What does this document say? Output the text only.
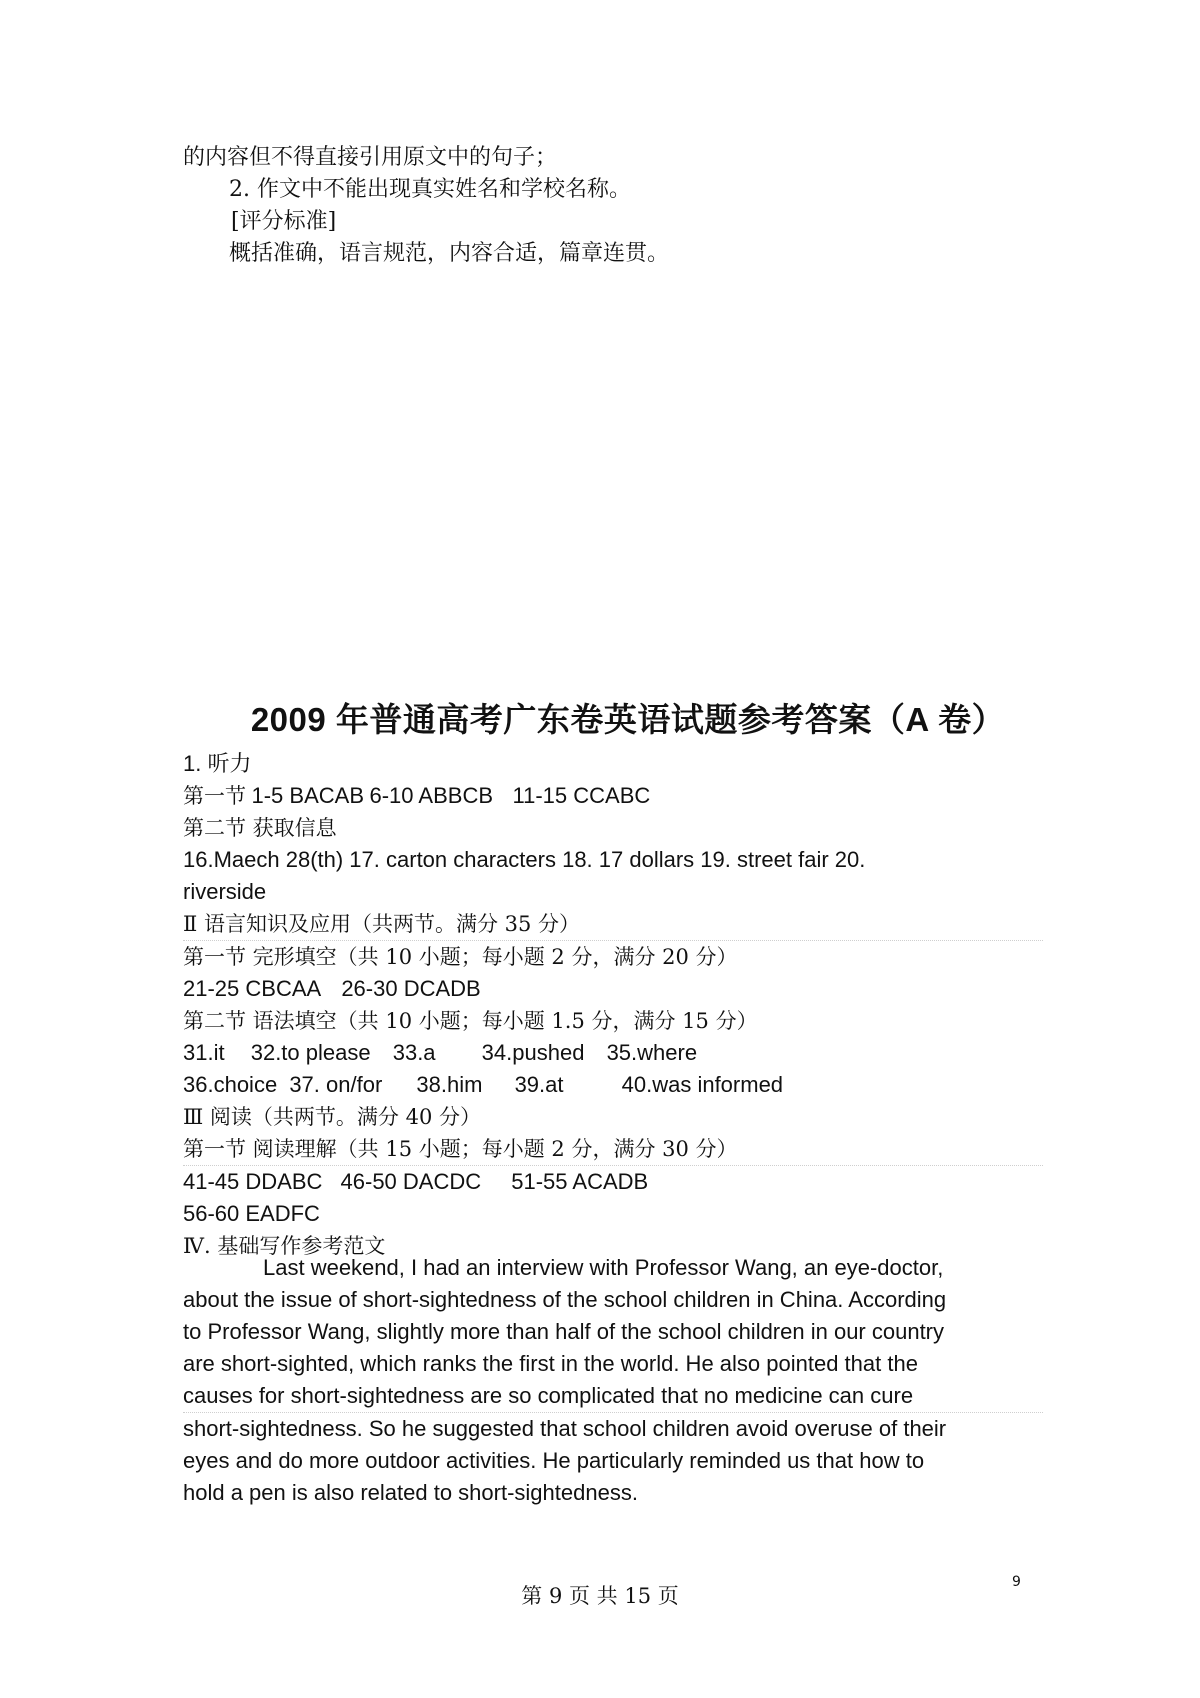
的内容但不得直接引用原文中的句子；
2. 作文中不能出现真实姓名和学校名称。
[评分标准]
概括准确，语言规范，内容合适，篇章连贯。
2009 年普通高考广东卷英语试题参考答案（A 卷）
1. 听力
第一节 1-5 BACAB 6-10 ABBCB 11-15 CCABC
第二节 获取信息
16.Maech 28(th) 17. carton characters 18. 17 dollars 19. street fair 20.
riverside
Ⅱ 语言知识及应用（共两节。满分 35 分）
第一节 完形填空（共 10 小题；每小题 2 分，满分 20 分）
21-25 CBCAA 26-30 DCADB
第二节 语法填空（共 10 小题；每小题 1.5 分，满分 15 分）
31.it 32.to please 33.a 34.pushed 35.where
36.choice 37. on/for 38.him 39.at	40.was informed
Ⅲ 阅读（共两节。满分 40 分）
第一节 阅读理解（共 15 小题；每小题 2 分，满分 30 分）
41-45 DDABC 46-50 DACDC 51-55 ACADB
56-60 EADFC
Ⅳ. 基础写作参考范文
Last weekend, I had an interview with Professor Wang, an eye-doctor,
about the issue of short-sightedness of the school children in China. According
to Professor Wang, slightly more than half of the school children in our country
are short-sighted, which ranks the first in the world. He also pointed that the
causes for short-sightedness are so complicated that no medicine can cure
short-sightedness. So he suggested that school children avoid overuse of their
eyes and do more outdoor activities. He particularly reminded us that how to
hold a pen is also related to short-sightedness.
第 9 页 共 15 页
9
